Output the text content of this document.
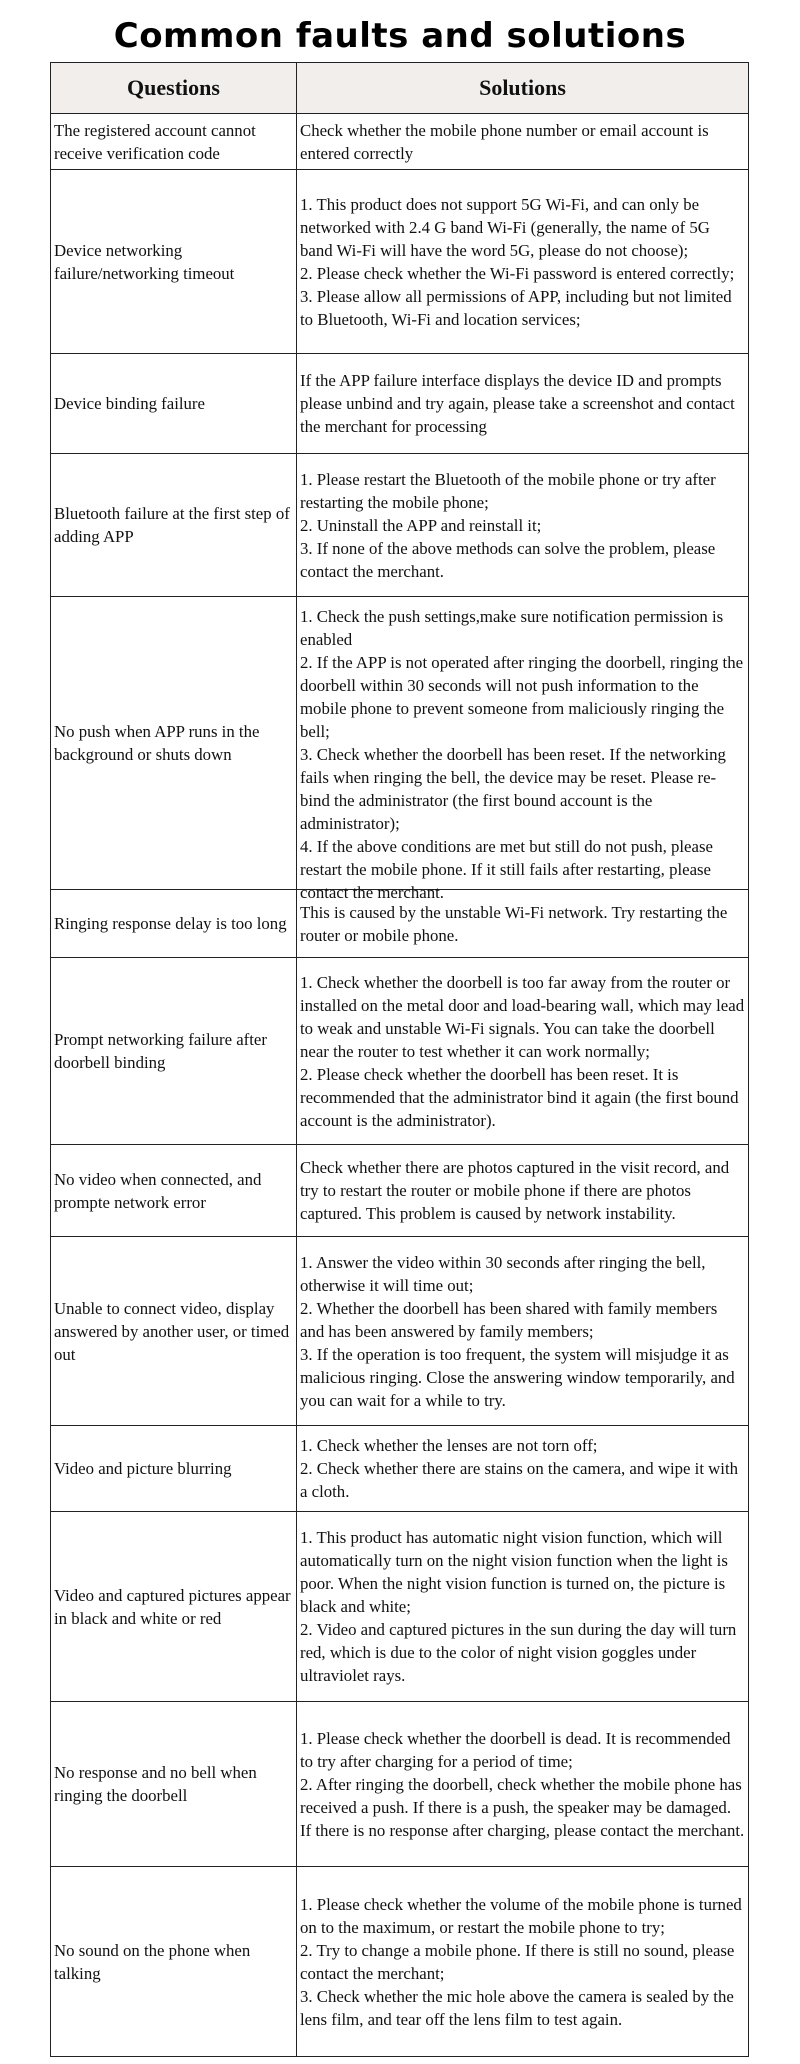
Common faults and solutions
Questions	Solutions
The registered account cannot receive verification code	Check whether the mobile phone number or email account is entered correctly
Device networking failure/networking timeout	1. This product does not support 5G Wi-Fi, and can only be networked with 2.4 G band Wi-Fi (generally, the name of 5G band Wi-Fi will have the word 5G, please do not choose);
2. Please check whether the Wi-Fi password is entered correctly;
3. Please allow all permissions of APP, including but not limited to Bluetooth, Wi-Fi and location services;
Device binding failure	If the APP failure interface displays the device ID and prompts please unbind and try again, please take a screenshot and contact the merchant for processing
Bluetooth failure at the first step of adding APP	1. Please restart the Bluetooth of the mobile phone or try after restarting the mobile phone;
2. Uninstall the APP and reinstall it;
3. If none of the above methods can solve the problem, please contact the merchant.
No push when APP runs in the background or shuts down	1. Check the push settings,make sure notification permission is enabled
2. If the APP is not operated after ringing the doorbell, ringing the doorbell within 30 seconds will not push information to the mobile phone to prevent someone from maliciously ringing the bell;
3. Check whether the doorbell has been reset. If the networking fails when ringing the bell, the device may be reset. Please re-bind the administrator (the first bound account is the administrator);
4. If the above conditions are met but still do not push, please restart the mobile phone. If it still fails after restarting, please contact the merchant.

Ringing response delay is too long	This is caused by the unstable Wi-Fi network. Try restarting the router or mobile phone.
Prompt networking failure after doorbell binding	1. Check whether the doorbell is too far away from the router or installed on the metal door and load-bearing wall, which may lead to weak and unstable Wi-Fi signals. You can take the doorbell near the router to test whether it can work normally;
2. Please check whether the doorbell has been reset. It is recommended that the administrator bind it again (the first bound account is the administrator).
No video when connected, and prompte network error	Check whether there are photos captured in the visit record, and try to restart the router or mobile phone if there are photos captured. This problem is caused by network instability.
Unable to connect video, display answered by another user, or timed out	1. Answer the video within 30 seconds after ringing the bell, otherwise it will time out;
2. Whether the doorbell has been shared with family members and has been answered by family members;
3. If the operation is too frequent, the system will misjudge it as malicious ringing. Close the answering window temporarily, and you can wait for a while to try.
Video and picture blurring	1. Check whether the lenses are not torn off;
2. Check whether there are stains on the camera, and wipe it with a cloth.
Video and captured pictures appear in black and white or red	1. This product has automatic night vision function, which will automatically turn on the night vision function when the light is poor. When the night vision function is turned on, the picture is black and white;
2. Video and captured pictures in the sun during the day will turn red, which is due to the color of night vision goggles under ultraviolet rays.
No response and no bell when ringing the doorbell	1. Please check whether the doorbell is dead. It is recommended to try after charging for a period of time;
2. After ringing the doorbell, check whether the mobile phone has received a push. If there is a push, the speaker may be damaged. If there is no response after charging, please contact the merchant.
No sound on the phone when talking	1. Please check whether the volume of the mobile phone is turned on to the maximum, or restart the mobile phone to try;
2. Try to change a mobile phone. If there is still no sound, please contact the merchant;
3. Check whether the mic hole above the camera is sealed by the lens film, and tear off the lens film to test again.
